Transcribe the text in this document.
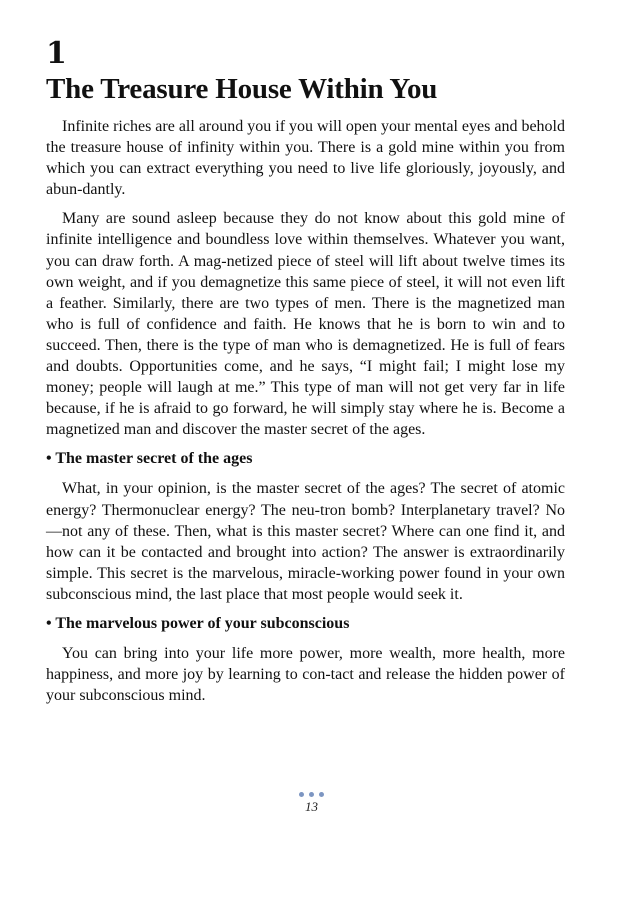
1
The Treasure House Within You

Infinite riches are all around you if you will open your mental eyes and behold the treasure house of infinity within you. There is a gold mine within you from which you can extract everything you need to live life gloriously, joyously, and abun-dantly.

Many are sound asleep because they do not know about this gold mine of infinite intelligence and boundless love within themselves. Whatever you want, you can draw forth. A mag-netized piece of steel will lift about twelve times its own weight, and if you demagnetize this same piece of steel, it will not even lift a feather. Similarly, there are two types of men. There is the magnetized man who is full of confidence and faith. He knows that he is born to win and to succeed. Then, there is the type of man who is demagnetized. He is full of fears and doubts. Opportunities come, and he says, “I might fail; I might lose my money; people will laugh at me.” This type of man will not get very far in life because, if he is afraid to go forward, he will simply stay where he is. Become a magnetized man and discover the master secret of the ages.

• The master secret of the ages

What, in your opinion, is the master secret of the ages? The secret of atomic energy? Thermonuclear energy? The neu-tron bomb? Interplanetary travel? No—not any of these. Then, what is this master secret? Where can one find it, and how can it be contacted and brought into action? The answer is extraordinarily simple. This secret is the marvelous, miracle-working power found in your own subconscious mind, the last place that most people would seek it.

• The marvelous power of your subconscious

You can bring into your life more power, more wealth, more health, more happiness, and more joy by learning to con-tact and release the hidden power of your subconscious mind.

13
